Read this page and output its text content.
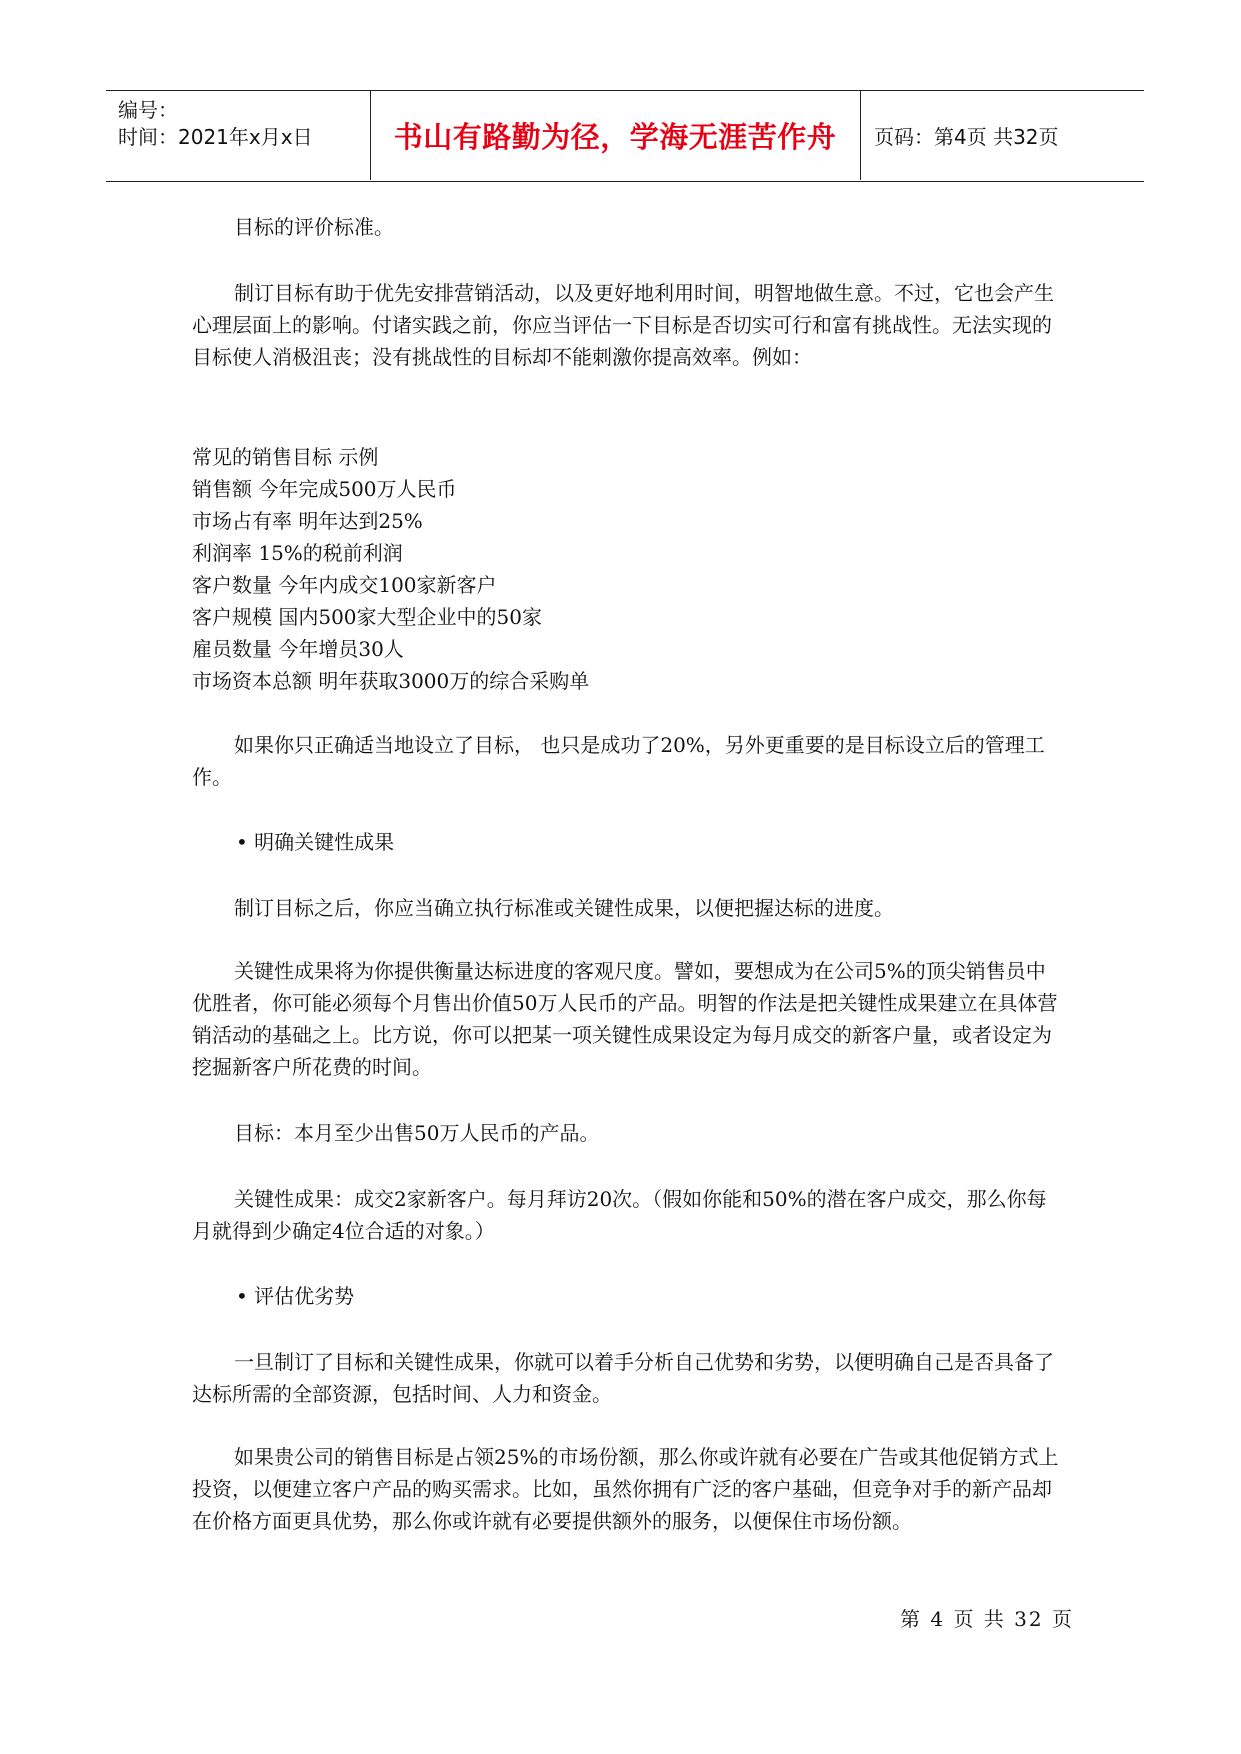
编号：
时间：2021年x月x日	书山有路勤为径，学海无涯苦作舟	页码：第4页 共32页
目标的评价标准。
制订目标有助于优先安排营销活动，以及更好地利用时间，明智地做生意。不过，它也会产生心理层面上的影响。付诸实践之前，你应当评估一下目标是否切实可行和富有挑战性。无法实现的目标使人消极沮丧；没有挑战性的目标却不能刺激你提高效率。例如：
常见的销售目标 示例
销售额 今年完成500万人民币
市场占有率 明年达到25%
利润率 15%的税前利润
客户数量 今年内成交100家新客户
客户规模 国内500家大型企业中的50家
雇员数量 今年增员30人
市场资本总额 明年获取3000万的综合采购单
如果你只正确适当地设立了目标， 也只是成功了20%，另外更重要的是目标设立后的管理工作。
• 明确关键性成果
制订目标之后，你应当确立执行标准或关键性成果，以便把握达标的进度。
关键性成果将为你提供衡量达标进度的客观尺度。譬如，要想成为在公司5%的顶尖销售员中优胜者，你可能必须每个月售出价值50万人民币的产品。明智的作法是把关键性成果建立在具体营销活动的基础之上。比方说，你可以把某一项关键性成果设定为每月成交的新客户量，或者设定为挖掘新客户所花费的时间。
目标：本月至少出售50万人民币的产品。
关键性成果：成交2家新客户。每月拜访20次。（假如你能和50%的潜在客户成交，那么你每月就得到少确定4位合适的对象。）
• 评估优劣势
一旦制订了目标和关键性成果，你就可以着手分析自己优势和劣势，以便明确自己是否具备了达标所需的全部资源，包括时间、人力和资金。
如果贵公司的销售目标是占领25%的市场份额，那么你或许就有必要在广告或其他促销方式上投资，以便建立客户产品的购买需求。比如，虽然你拥有广泛的客户基础，但竞争对手的新产品却在价格方面更具优势，那么你或许就有必要提供额外的服务，以便保住市场份额。
第 4 页 共 32 页
